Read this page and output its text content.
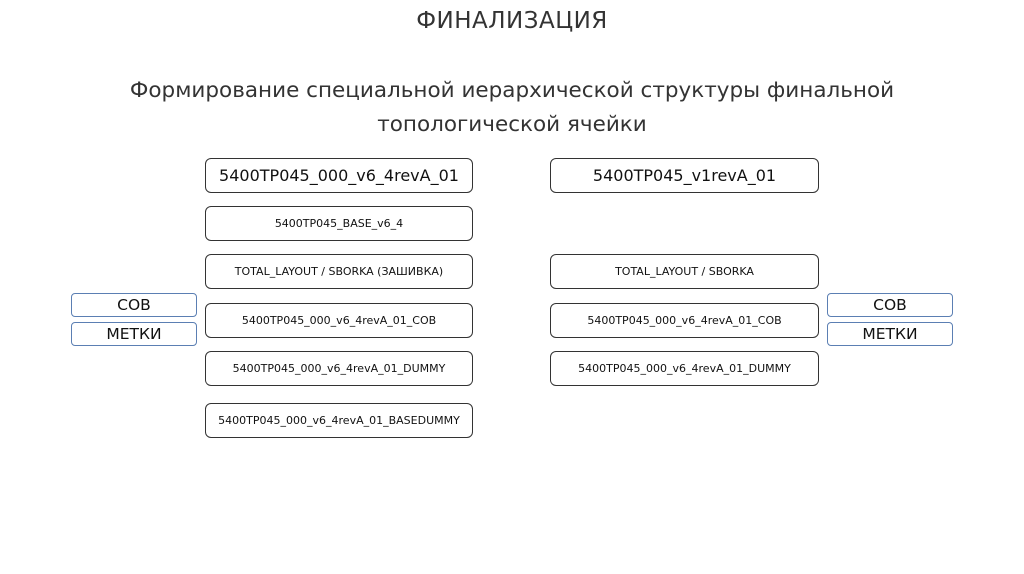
ФИНАЛИЗАЦИЯ
Формирование специальной иерархической структуры финальной
топологической ячейки
5400ТР045_000_v6_4revA_01
5400ТР045_BASE_v6_4
TOTAL_LAYOUT / SBORKA (ЗАШИВКА)
5400ТР045_000_v6_4revA_01_COB
5400ТР045_000_v6_4revA_01_DUMMY
5400ТР045_000_v6_4revA_01_BASEDUMMY
5400ТР045_v1revA_01
TOTAL_LAYOUT / SBORKA
5400ТР045_000_v6_4revA_01_COB
5400ТР045_000_v6_4revA_01_DUMMY
СОВ
МЕТКИ
СОВ
МЕТКИ
